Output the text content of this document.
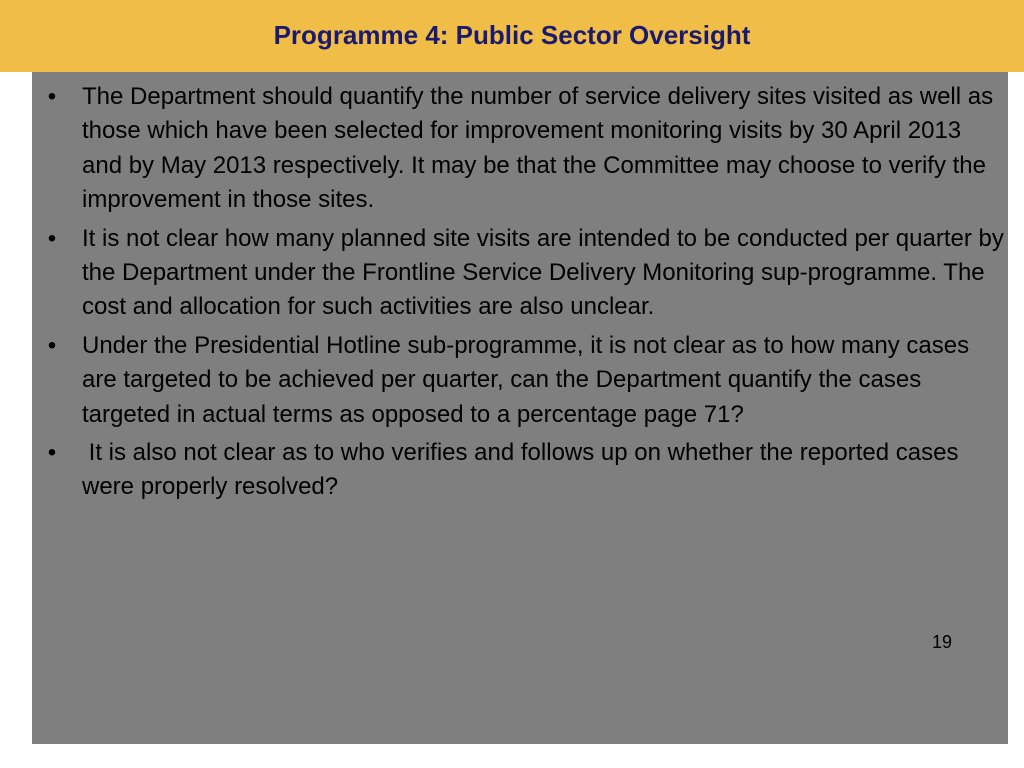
Programme 4: Public Sector Oversight
• The Department should quantify the number of service delivery sites visited as well as those which have been selected for improvement monitoring visits by 30 April 2013 and by May 2013 respectively. It may be that the Committee may choose to verify the improvement in those sites.
• It is not clear how many planned site visits are intended to be conducted per quarter by the Department under the Frontline Service Delivery Monitoring sup-programme. The cost and allocation for such activities are also unclear.
• Under the Presidential Hotline sub-programme, it is not clear as to how many cases are targeted to be achieved per quarter, can the Department quantify the cases targeted in actual terms as opposed to a percentage page 71?
• It is also not clear as to who verifies and follows up on whether the reported cases were properly resolved?
19
